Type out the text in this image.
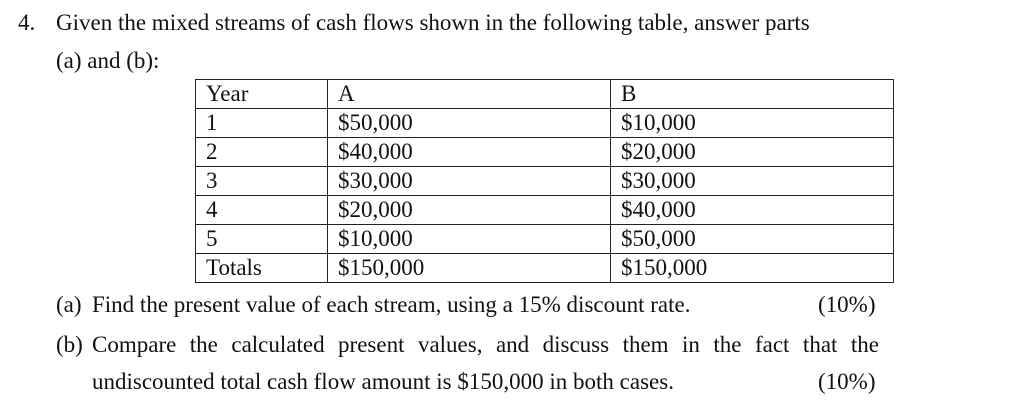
4. Given the mixed streams of cash flows shown in the following table, answer parts
(a) and (b):
Year	A	B
1	$50,000	$10,000
2	$40,000	$20,000
3	$30,000	$30,000
4	$20,000	$40,000
5	$10,000	$50,000
Totals	$150,000	$150,000
(a) Find the present value of each stream, using a 15% discount rate.	(10%)
(b) Compare the calculated present values, and discuss them in the fact that the
undiscounted total cash flow amount is $150,000 in both cases.	(10%)
